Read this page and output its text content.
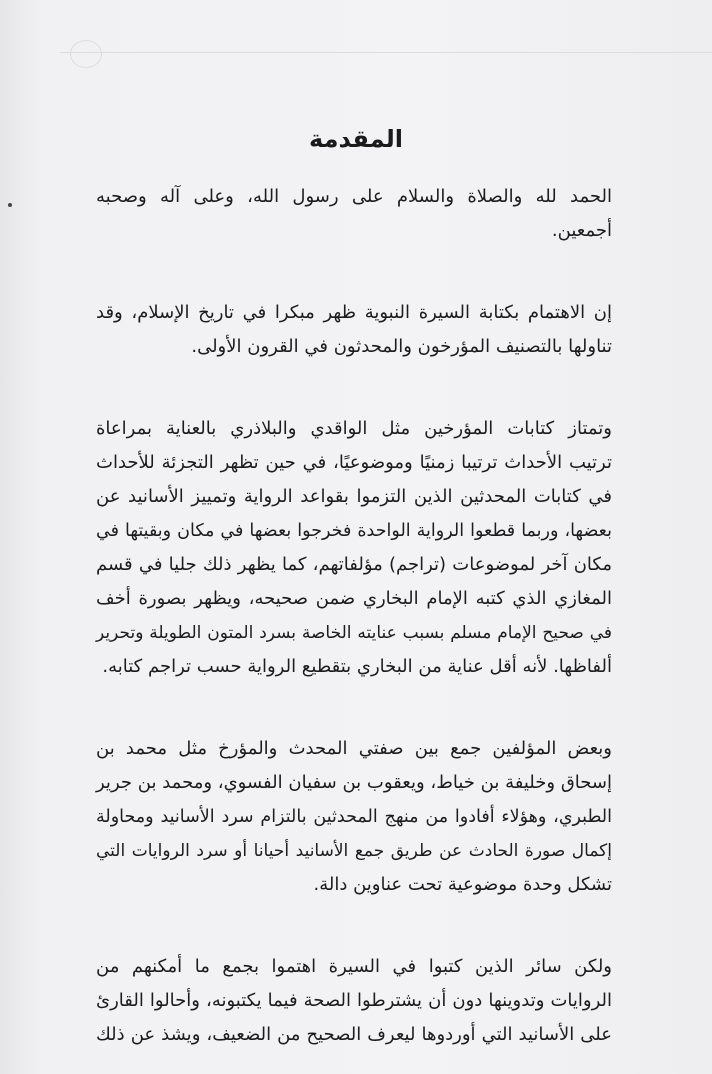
المقدمة
الحمد لله والصلاة والسلام على رسول الله، وعلى آله وصحبه
أجمعين.
إن الاهتمام بكتابة السيرة النبوية ظهر مبكرا في تاريخ الإسلام، وقد
تناولها بالتصنيف المؤرخون والمحدثون في القرون الأولى.
وتمتاز كتابات المؤرخين مثل الواقدي والبلاذري بالعناية بمراعاة
ترتيب الأحداث ترتيبا زمنيًا وموضوعيًا، في حين تظهر التجزئة للأحداث
في كتابات المحدثين الذين التزموا بقواعد الرواية وتمييز الأسانيد عن
بعضها، وربما قطعوا الرواية الواحدة فخرجوا بعضها في مكان وبقيتها في
مكان آخر لموضوعات (تراجم) مؤلفاتهم، كما يظهر ذلك جليا في قسم
المغازي الذي كتبه الإمام البخاري ضمن صحيحه، ويظهر بصورة أخف
في صحيح الإمام مسلم بسبب عنايته الخاصة بسرد المتون الطويلة وتحرير
ألفاظها. لأنه أقل عناية من البخاري بتقطيع الرواية حسب تراجم كتابه.
وبعض المؤلفين جمع بين صفتي المحدث والمؤرخ مثل محمد بن
إسحاق وخليفة بن خياط، ويعقوب بن سفيان الفسوي، ومحمد بن جرير
الطبري، وهؤلاء أفادوا من منهج المحدثين بالتزام سرد الأسانيد ومحاولة
إكمال صورة الحادث عن طريق جمع الأسانيد أحيانا أو سرد الروايات التي
تشكل وحدة موضوعية تحت عناوين دالة.
ولكن سائر الذين كتبوا في السيرة اهتموا بجمع ما أمكنهم من
الروايات وتدوينها دون أن يشترطوا الصحة فيما يكتبونه، وأحالوا القارئ
على الأسانيد التي أوردوها ليعرف الصحيح من الضعيف، ويشذ عن ذلك
